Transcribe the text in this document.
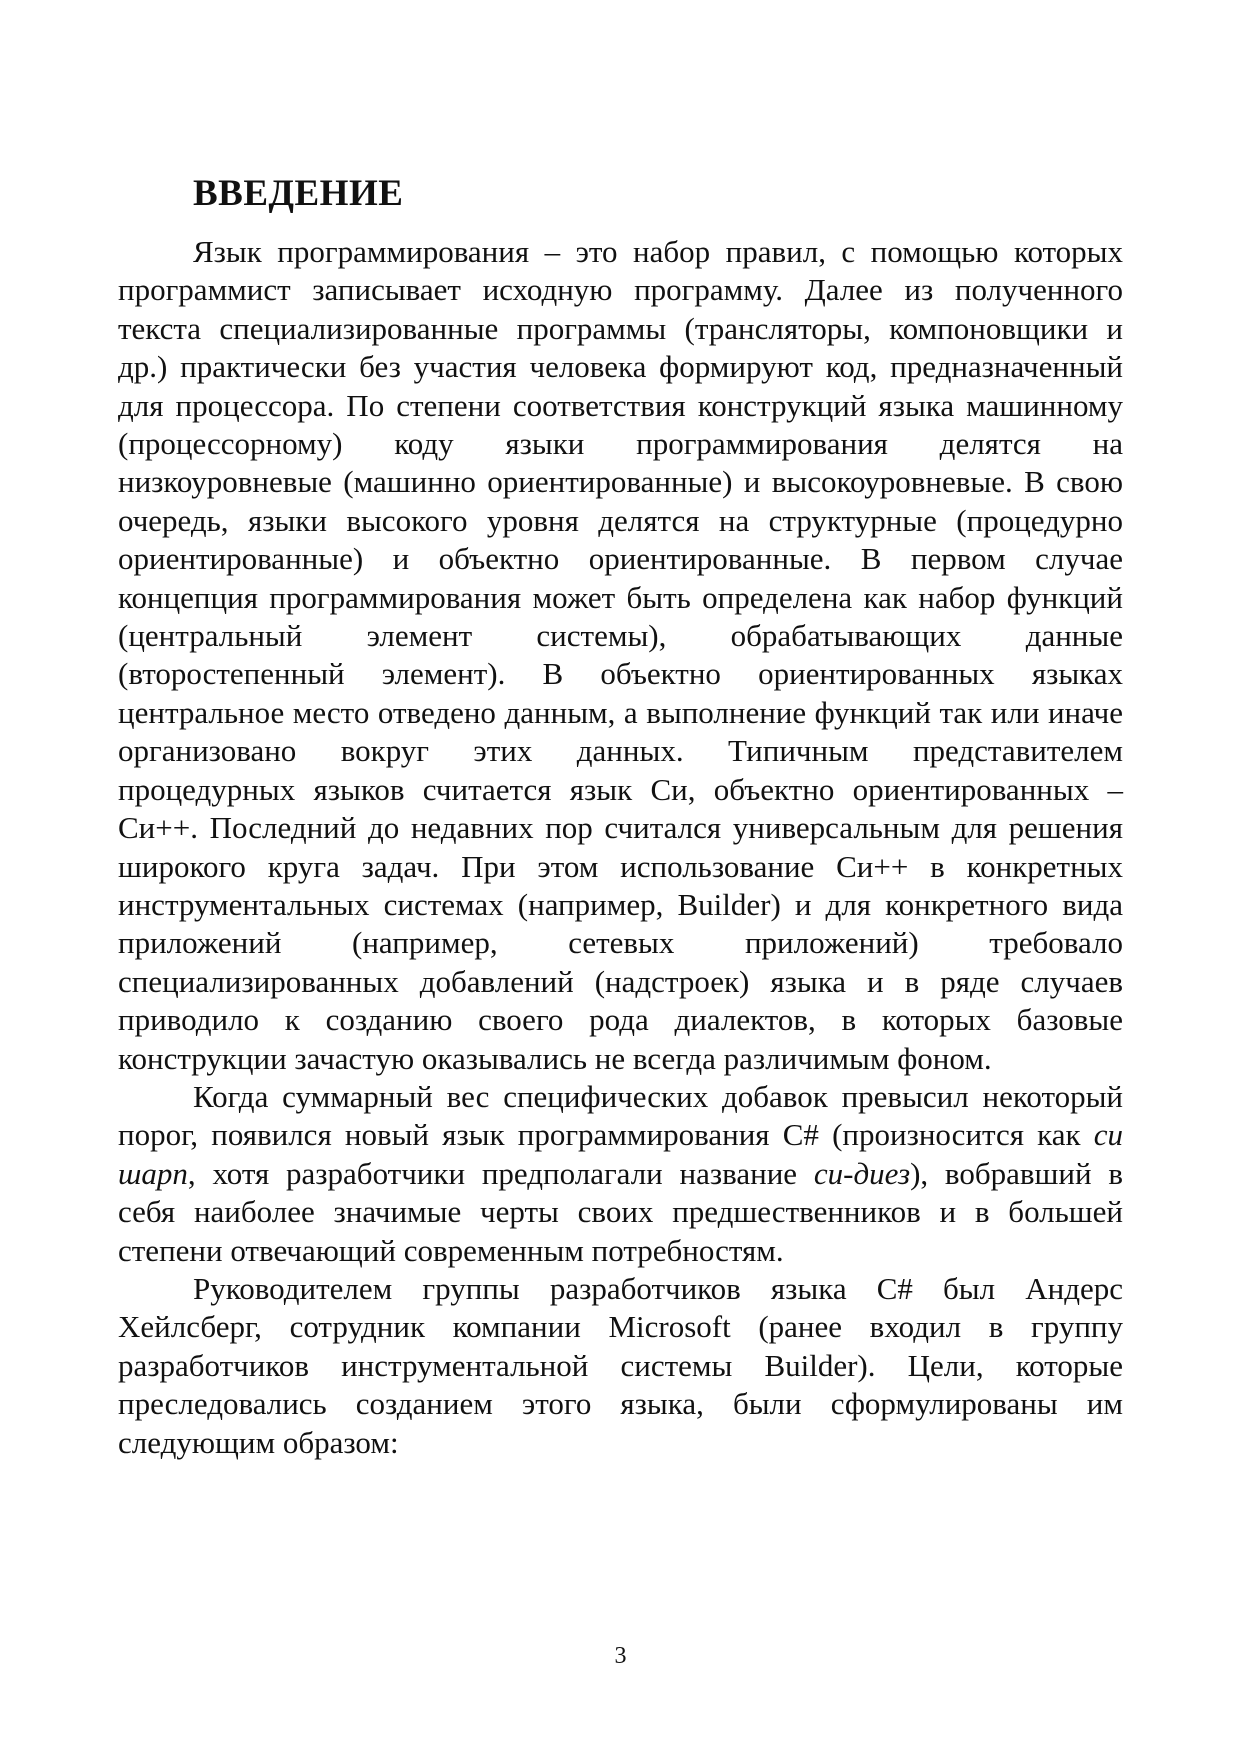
ВВЕДЕНИЕ

Язык программирования – это набор правил, с помощью которых программист записывает исходную программу. Далее из полученного текста специализированные программы (трансляторы, компоновщики и др.) практически без участия человека формируют код, предназначенный для процессора. По степени соответствия конструкций языка машинному (процессорному) коду языки программирования делятся на низкоуровневые (машинно ориентированные) и высокоуровневые. В свою очередь, языки высокого уровня делятся на структурные (процедурно ориентированные) и объектно ориентированные. В первом случае концепция программирования может быть определена как набор функций (центральный элемент системы), обрабатывающих данные (второстепенный элемент). В объектно ориентированных языках центральное место отведено данным, а выполнение функций так или иначе организовано вокруг этих данных. Типичным представителем процедурных языков считается язык Си, объектно ориентированных – Си++. Последний до недавних пор считался универсальным для решения широкого круга задач. При этом использование Си++ в конкретных инструментальных системах (например, Builder) и для конкретного вида приложений (например, сетевых приложений) требовало специализированных добавлений (надстроек) языка и в ряде случаев приводило к созданию своего рода диалектов, в которых базовые конструкции зачастую оказывались не всегда различимым фоном.

Когда суммарный вес специфических добавок превысил некоторый порог, появился новый язык программирования C# (произносится как си шарп, хотя разработчики предполагали название си-диез), вобравший в себя наиболее значимые черты своих предшественников и в большей степени отвечающий современным потребностям.

Руководителем группы разработчиков языка C# был Андерс Хейлсберг, сотрудник компании Microsoft (ранее входил в группу разработчиков инструментальной системы Builder). Цели, которые преследовались созданием этого языка, были сформулированы им следующим образом:

3
